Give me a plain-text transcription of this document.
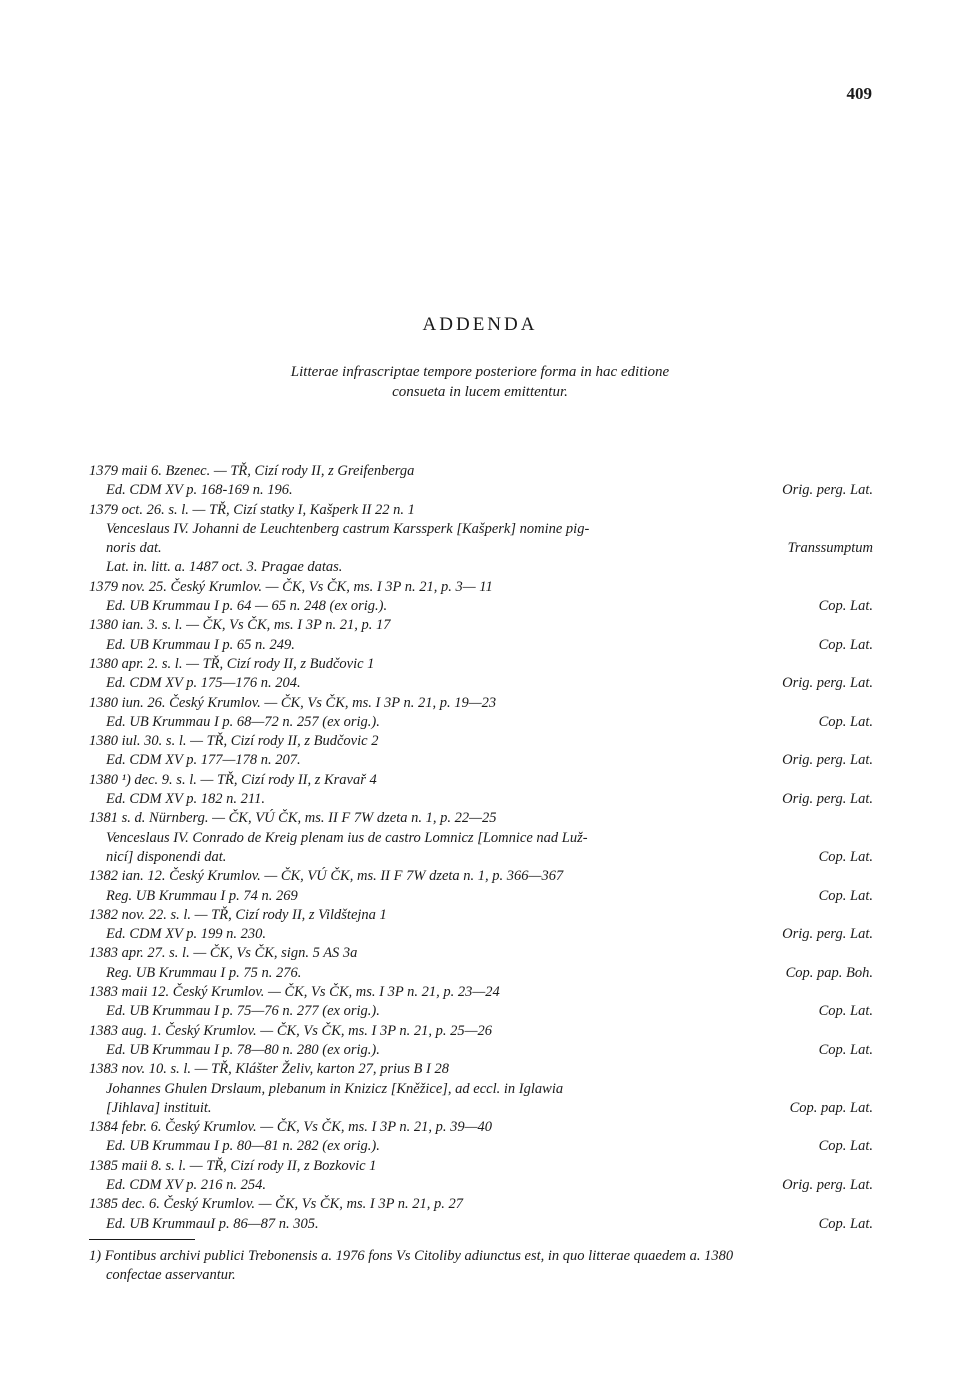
409
ADDENDA
Litterae infrascriptae tempore posteriore forma in hac editione
consueta in lucem emittentur.
1379 maii 6. Bzenec. — TŘ, Cizí rody II, z Greifenberga
Ed. CDM XV p. 168-169 n. 196.	Orig. perg. Lat.
1379 oct. 26. s. l. — TŘ, Cizí statky I, Kašperk II 22 n. 1
Venceslaus IV. Johanni de Leuchtenberg castrum Karssperk [Kašperk] nomine pig-
noris dat.	Transsumptum
Lat. in. litt. a. 1487 oct. 3. Pragae datas.
1379 nov. 25. Český Krumlov. — ČK, Vs ČK, ms. I 3P n. 21, p. 3— 11
Ed. UB Krummau I p. 64 — 65 n. 248 (ex orig.).	Cop. Lat.
1380 ian. 3. s. l. — ČK, Vs ČK, ms. I 3P n. 21, p. 17
Ed. UB Krummau I p. 65 n. 249.	Cop. Lat.
1380 apr. 2. s. l. — TŘ, Cizí rody II, z Budčovic 1
Ed. CDM XV p. 175—176 n. 204.	Orig. perg. Lat.
1380 iun. 26. Český Krumlov. — ČK, Vs ČK, ms. I 3P n. 21, p. 19—23
Ed. UB Krummau I p. 68—72 n. 257 (ex orig.).	Cop. Lat.
1380 iul. 30. s. l. — TŘ, Cizí rody II, z Budčovic 2
Ed. CDM XV p. 177—178 n. 207.	Orig. perg. Lat.
1380 ¹) dec. 9. s. l. — TŘ, Cizí rody II, z Kravař 4
Ed. CDM XV p. 182 n. 211.	Orig. perg. Lat.
1381 s. d. Nürnberg. — ČK, VÚ ČK, ms. II F 7W dzeta n. 1, p. 22—25
Venceslaus IV. Conrado de Kreig plenam ius de castro Lomnicz [Lomnice nad Luž-
nicí] disponendi dat.	Cop. Lat.
1382 ian. 12. Český Krumlov. — ČK, VÚ ČK, ms. II F 7W dzeta n. 1, p. 366—367
Reg. UB Krummau I p. 74 n. 269	Cop. Lat.
1382 nov. 22. s. l. — TŘ, Cizí rody II, z Vildštejna 1
Ed. CDM XV p. 199 n. 230.	Orig. perg. Lat.
1383 apr. 27. s. l. — ČK, Vs ČK, sign. 5 AS 3a
Reg. UB Krummau I p. 75 n. 276.	Cop. pap. Boh.
1383 maii 12. Český Krumlov. — ČK, Vs ČK, ms. I 3P n. 21, p. 23—24
Ed. UB Krummau I p. 75—76 n. 277 (ex orig.).	Cop. Lat.
1383 aug. 1. Český Krumlov. — ČK, Vs ČK, ms. I 3P n. 21, p. 25—26
Ed. UB Krummau I p. 78—80 n. 280 (ex orig.).	Cop. Lat.
1383 nov. 10. s. l. — TŘ, Klášter Želiv, karton 27, prius B I 28
Johannes Ghulen Drslaum, plebanum in Knizicz [Kněžice], ad eccl. in Iglawia
[Jihlava] instituit.	Cop. pap. Lat.
1384 febr. 6. Český Krumlov. — ČK, Vs ČK, ms. I 3P n. 21, p. 39—40
Ed. UB Krummau I p. 80—81 n. 282 (ex orig.).	Cop. Lat.
1385 maii 8. s. l. — TŘ, Cizí rody II, z Bozkovic 1
Ed. CDM XV p. 216 n. 254.	Orig. perg. Lat.
1385 dec. 6. Český Krumlov. — ČK, Vs ČK, ms. I 3P n. 21, p. 27
Ed. UB KrummauI p. 86—87 n. 305.	Cop. Lat.
1) Fontibus archivi publici Trebonensis a. 1976 fons Vs Citoliby adiunctus est, in quo litterae quaedem a. 1380
confectae asservantur.
